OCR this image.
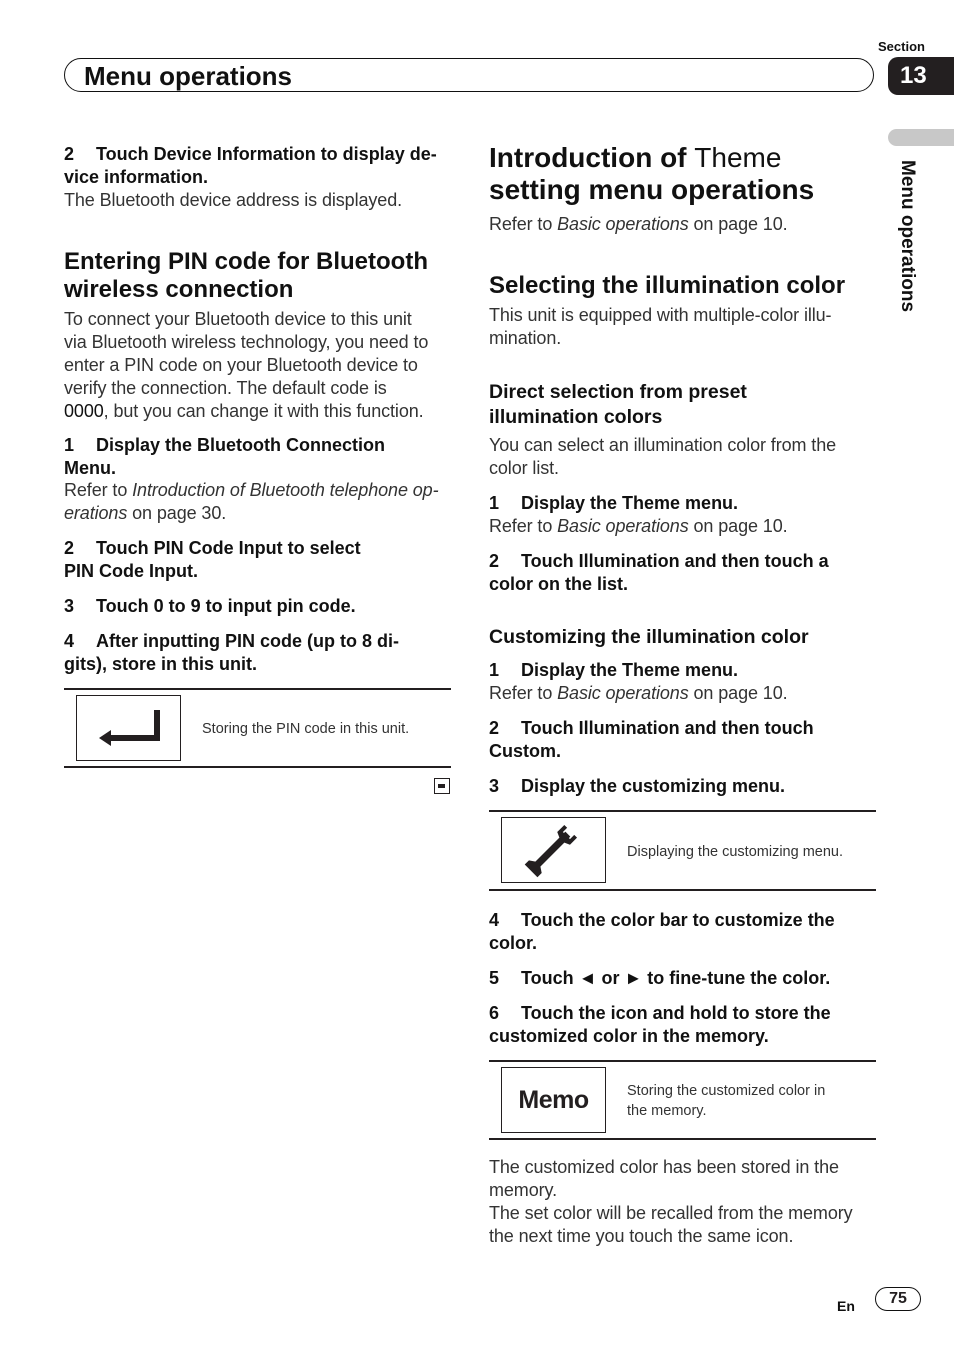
Section
Menu operations	13
Menu operations
2 Touch Device Information to display de-
vice information.
The Bluetooth device address is displayed.
Entering PIN code for Bluetooth
wireless connection
To connect your Bluetooth device to this unit
via Bluetooth wireless technology, you need to
enter a PIN code on your Bluetooth device to
verify the connection. The default code is
0000, but you can change it with this function.
1 Display the Bluetooth Connection
Menu.
Refer to Introduction of Bluetooth telephone op-
erations on page 30.
2 Touch PIN Code Input to select
PIN Code Input.
3 Touch 0 to 9 to input pin code.
4 After inputting PIN code (up to 8 di-
gits), store in this unit.
Storing the PIN code in this unit.
Introduction of Theme
setting menu operations
Refer to Basic operations on page 10.
Selecting the illumination color
This unit is equipped with multiple-color illu-
mination.
Direct selection from preset
illumination colors
You can select an illumination color from the
color list.
1 Display the Theme menu.
Refer to Basic operations on page 10.
2 Touch Illumination and then touch a
color on the list.
Customizing the illumination color
1 Display the Theme menu.
Refer to Basic operations on page 10.
2 Touch Illumination and then touch
Custom.
3 Display the customizing menu.
Displaying the customizing menu.
4 Touch the color bar to customize the
color.
5 Touch ◄ or ► to fine-tune the color.
6 Touch the icon and hold to store the
customized color in the memory.
Memo	Storing the customized color in
the memory.
The customized color has been stored in the
memory.
The set color will be recalled from the memory
the next time you touch the same icon.
En 75
